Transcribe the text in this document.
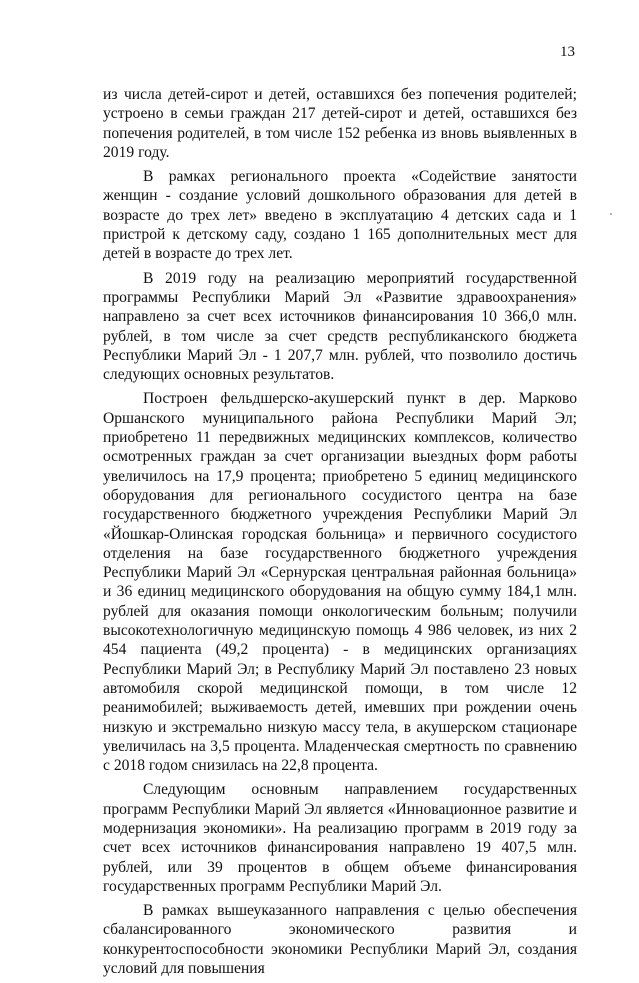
13

из числа детей-сирот и детей, оставшихся без попечения родителей; устроено в семьи граждан 217 детей-сирот и детей, оставшихся без попечения родителей, в том числе 152 ребенка из вновь выявленных в 2019 году.

В рамках регионального проекта «Содействие занятости женщин - создание условий дошкольного образования для детей в возрасте до трех лет» введено в эксплуатацию 4 детских сада и 1 пристрой к детскому саду, создано 1 165 дополнительных мест для детей в возрасте до трех лет.

В 2019 году на реализацию мероприятий государственной программы Республики Марий Эл «Развитие здравоохранения» направлено за счет всех источников финансирования 10 366,0 млн. рублей, в том числе за счет средств республиканского бюджета Республики Марий Эл - 1 207,7 млн. рублей, что позволило достичь следующих основных результатов.

Построен фельдшерско-акушерский пункт в дер. Марково Оршанского муниципального района Республики Марий Эл; приобретено 11 передвижных медицинских комплексов, количество осмотренных граждан за счет организации выездных форм работы увеличилось на 17,9 процента; приобретено 5 единиц медицинского оборудования для регионального сосудистого центра на базе государственного бюджетного учреждения Республики Марий Эл «Йошкар-Олинская городская больница» и первичного сосудистого отделения на базе государственного бюджетного учреждения Республики Марий Эл «Сернурская центральная районная больница» и 36 единиц медицинского оборудования на общую сумму 184,1 млн. рублей для оказания помощи онкологическим больным; получили высокотехнологичную медицинскую помощь 4 986 человек, из них 2 454 пациента (49,2 процента) - в медицинских организациях Республики Марий Эл; в Республику Марий Эл поставлено 23 новых автомобиля скорой медицинской помощи, в том числе 12 реанимобилей; выживаемость детей, имевших при рождении очень низкую и экстремально низкую массу тела, в акушерском стационаре увеличилась на 3,5 процента. Младенческая смертность по сравнению с 2018 годом снизилась на 22,8 процента.

Следующим основным направлением государственных программ Республики Марий Эл является «Инновационное развитие и модернизация экономики». На реализацию программ в 2019 году за счет всех источников финансирования направлено 19 407,5 млн. рублей, или 39 процентов в общем объеме финансирования государственных программ Республики Марий Эл.

В рамках вышеуказанного направления с целью обеспечения сбалансированного экономического развития и конкурентоспособности экономики Республики Марий Эл, создания условий для повышения
